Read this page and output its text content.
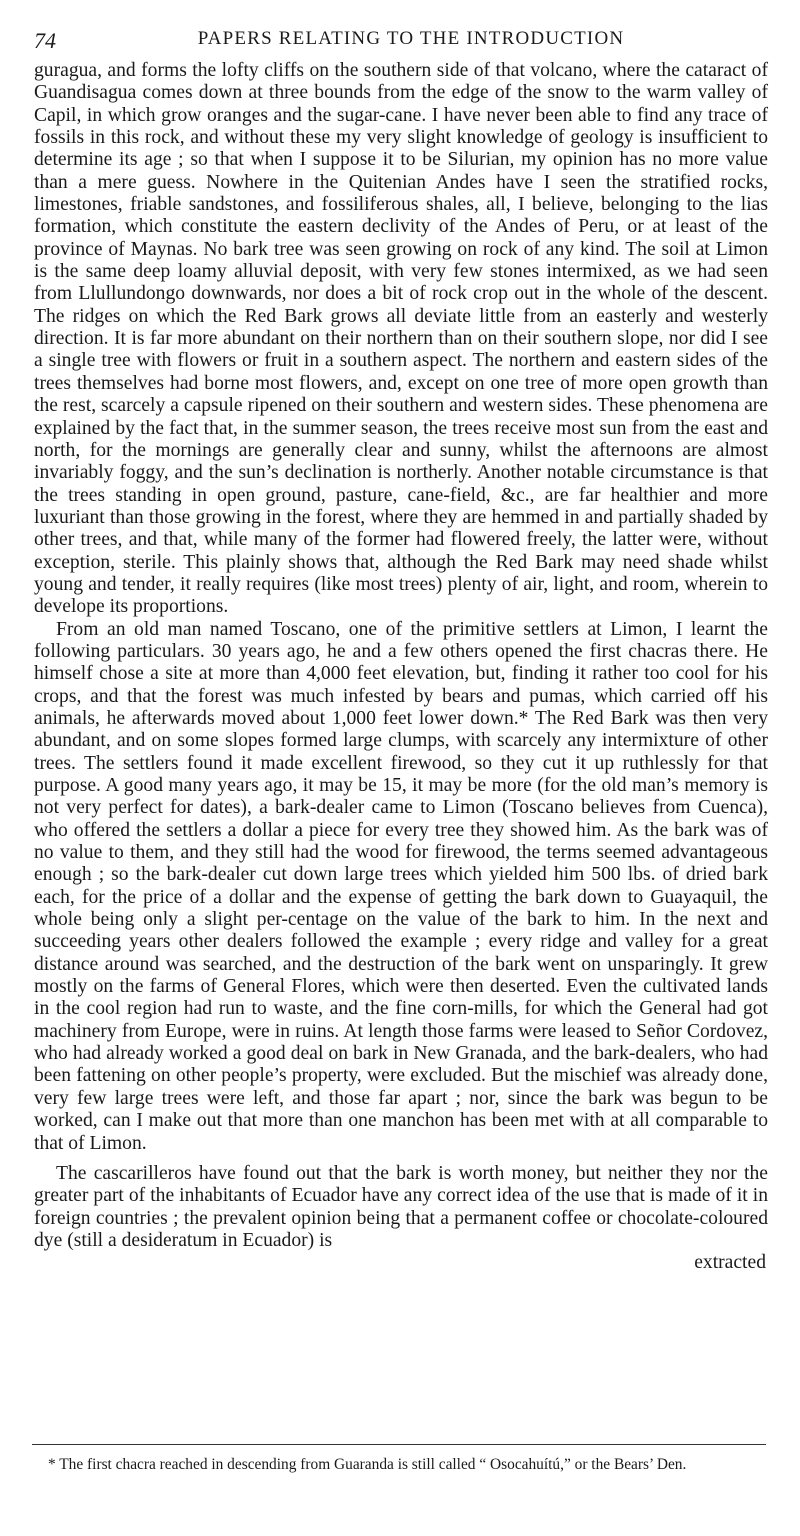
74	PAPERS RELATING TO THE INTRODUCTION

guragua, and forms the lofty cliffs on the southern side of that volcano, where the cataract of Guandisagua comes down at three bounds from the edge of the snow to the warm valley of Capil, in which grow oranges and the sugar-cane. I have never been able to find any trace of fossils in this rock, and without these my very slight knowledge of geology is insufficient to determine its age ; so that when I suppose it to be Silurian, my opinion has no more value than a mere guess. Nowhere in the Quitenian Andes have I seen the stratified rocks, limestones, friable sandstones, and fossiliferous shales, all, I believe, belonging to the lias formation, which constitute the eastern declivity of the Andes of Peru, or at least of the province of Maynas. No bark tree was seen growing on rock of any kind. The soil at Limon is the same deep loamy alluvial deposit, with very few stones intermixed, as we had seen from Llullundongo downwards, nor does a bit of rock crop out in the whole of the descent. The ridges on which the Red Bark grows all deviate little from an easterly and westerly direction. It is far more abundant on their northern than on their southern slope, nor did I see a single tree with flowers or fruit in a southern aspect. The northern and eastern sides of the trees themselves had borne most flowers, and, except on one tree of more open growth than the rest, scarcely a capsule ripened on their southern and western sides. These phenomena are explained by the fact that, in the summer season, the trees receive most sun from the east and north, for the mornings are generally clear and sunny, whilst the afternoons are almost invariably foggy, and the sun’s declination is northerly. Another notable circumstance is that the trees standing in open ground, pasture, cane-field, &c., are far healthier and more luxuriant than those growing in the forest, where they are hemmed in and partially shaded by other trees, and that, while many of the former had flowered freely, the latter were, without exception, sterile. This plainly shows that, although the Red Bark may need shade whilst young and tender, it really requires (like most trees) plenty of air, light, and room, wherein to develope its proportions.

From an old man named Toscano, one of the primitive settlers at Limon, I learnt the following particulars. 30 years ago, he and a few others opened the first chacras there. He himself chose a site at more than 4,000 feet elevation, but, finding it rather too cool for his crops, and that the forest was much infested by bears and pumas, which carried off his animals, he afterwards moved about 1,000 feet lower down.* The Red Bark was then very abundant, and on some slopes formed large clumps, with scarcely any intermixture of other trees. The settlers found it made excellent firewood, so they cut it up ruthlessly for that purpose. A good many years ago, it may be 15, it may be more (for the old man’s memory is not very perfect for dates), a bark-dealer came to Limon (Toscano believes from Cuenca), who offered the settlers a dollar a piece for every tree they showed him. As the bark was of no value to them, and they still had the wood for firewood, the terms seemed advantageous enough ; so the bark-dealer cut down large trees which yielded him 500 lbs. of dried bark each, for the price of a dollar and the expense of getting the bark down to Guayaquil, the whole being only a slight per-centage on the value of the bark to him. In the next and succeeding years other dealers followed the example ; every ridge and valley for a great distance around was searched, and the destruction of the bark went on unsparingly. It grew mostly on the farms of General Flores, which were then deserted. Even the cultivated lands in the cool region had run to waste, and the fine corn-mills, for which the General had got machinery from Europe, were in ruins. At length those farms were leased to Señor Cordovez, who had already worked a good deal on bark in New Granada, and the bark-dealers, who had been fattening on other people’s property, were excluded. But the mischief was already done, very few large trees were left, and those far apart ; nor, since the bark was begun to be worked, can I make out that more than one manchon has been met with at all comparable to that of Limon.

The cascarilleros have found out that the bark is worth money, but neither they nor the greater part of the inhabitants of Ecuador have any correct idea of the use that is made of it in foreign countries ; the prevalent opinion being that a permanent coffee or chocolate-coloured dye (still a desideratum in Ecuador) is

extracted
* The first chacra reached in descending from Guaranda is still called “ Osocahuítú,” or the Bears’ Den.
